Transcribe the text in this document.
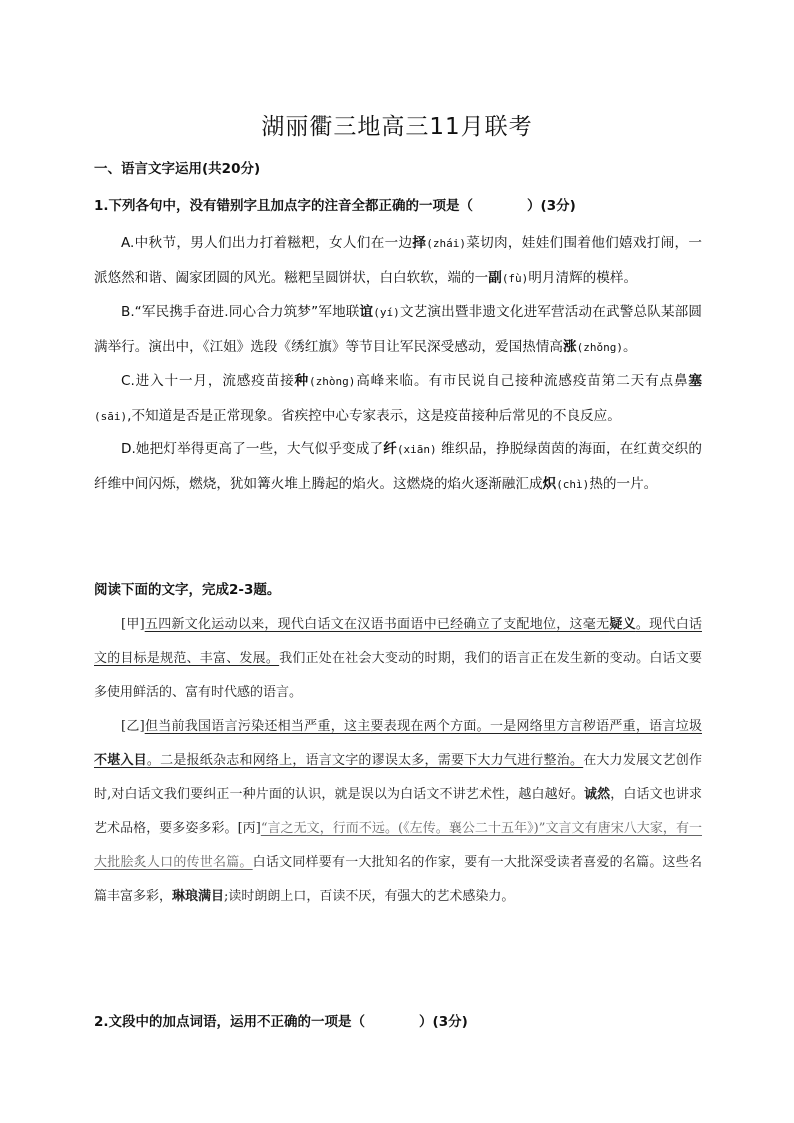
湖丽衢三地高三11月联考
一、语言文字运用(共20分)
1.下列各句中，没有错别字且加点字的注音全都正确的一项是（	）(3分)
A.中秋节，男人们出力打着糍粑，女人们在一边择(zhái)菜切肉，娃娃们围着他们嬉戏打闹，一派悠然和谐、阖家团圆的风光。糍粑呈圆饼状，白白软软，端的一副(fù)明月清辉的模样。
B.“军民携手奋进.同心合力筑梦”军地联谊(yí)文艺演出暨非遗文化进军营活动在武警总队某部圆满举行。演出中，《江姐》选段《绣红旗》等节目让军民深受感动，爱国热情高涨(zhǒng)。
C.进入十一月，流感疫苗接种(zhòng)高峰来临。有市民说自己接种流感疫苗第二天有点鼻塞(sāi),不知道是否是正常现象。省疾控中心专家表示，这是疫苗接种后常见的不良反应。
D.她把灯举得更高了一些，大气似乎变成了纤(xiān) 维织品，挣脱绿茵茵的海面，在红黄交织的纤维中间闪烁，燃烧，犹如篝火堆上腾起的焰火。这燃烧的焰火逐渐融汇成炽(chì)热的一片。
阅读下面的文字，完成2-3题。
[甲]五四新文化运动以来，现代白话文在汉语书面语中已经确立了支配地位，这毫无疑义。现代白话文的目标是规范、丰富、发展。我们正处在社会大变动的时期，我们的语言正在发生新的变动。白话文要多使用鲜活的、富有时代感的语言。
[乙]但当前我国语言污染还相当严重，这主要表现在两个方面。一是网络里方言秽语严重，语言垃圾不堪入目。二是报纸杂志和网络上，语言文字的谬误太多，需要下大力气进行整治。在大力发展文艺创作时,对白话文我们要纠正一种片面的认识，就是误以为白话文不讲艺术性，越白越好。诚然，白话文也讲求艺术品格，要多姿多彩。[丙]“言之无文，行而不远。(《左传。襄公二十五年》)”文言文有唐宋八大家，有一大批脍炙人口的传世名篇。白话文同样要有一大批知名的作家，要有一大批深受读者喜爱的名篇。这些名篇丰富多彩，琳琅满目;读时朗朗上口，百读不厌，有强大的艺术感染力。
2.文段中的加点词语，运用不正确的一项是（	）(3分)
